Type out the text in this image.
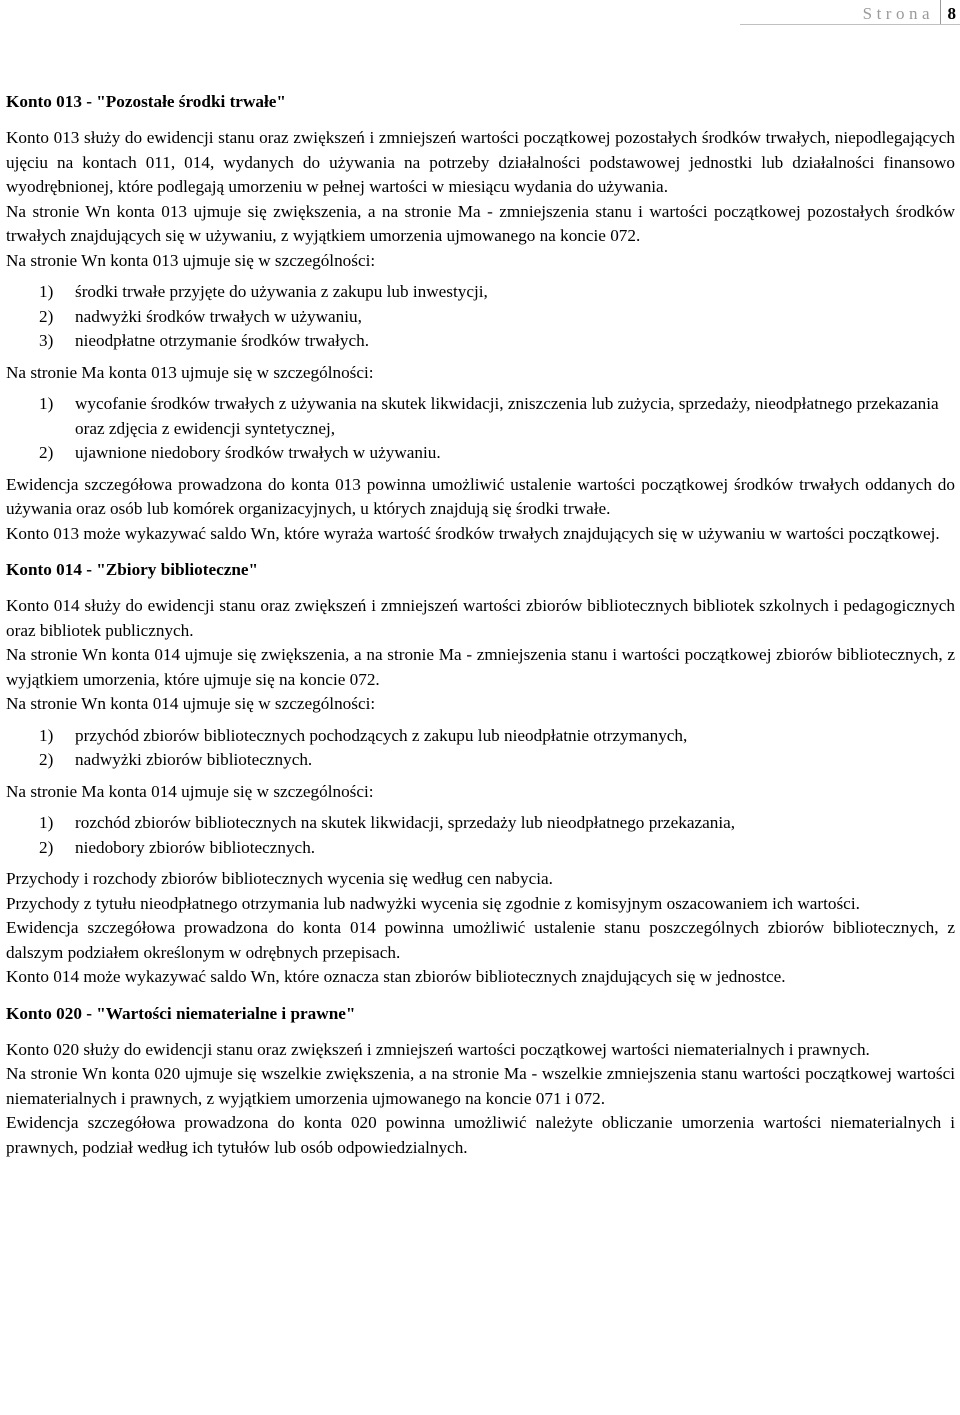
Strona 8
Konto 013 - "Pozostałe środki trwałe"

Konto 013 służy do ewidencji stanu oraz zwiększeń i zmniejszeń wartości początkowej pozostałych środków trwałych, niepodlegających ujęciu na kontach 011, 014, wydanych do używania na potrzeby działalności podstawowej jednostki lub działalności finansowo wyodrębnionej, które podlegają umorzeniu w pełnej wartości w miesiącu wydania do używania.

Na stronie Wn konta 013 ujmuje się zwiększenia, a na stronie Ma - zmniejszenia stanu i wartości początkowej pozostałych środków trwałych znajdujących się w używaniu, z wyjątkiem umorzenia ujmowanego na koncie 072.

Na stronie Wn konta 013 ujmuje się w szczególności:

1) środki trwałe przyjęte do używania z zakupu lub inwestycji,
2) nadwyżki środków trwałych w używaniu,
3) nieodpłatne otrzymanie środków trwałych.

Na stronie Ma konta 013 ujmuje się w szczególności:

1) wycofanie środków trwałych z używania na skutek likwidacji, zniszczenia lub zużycia, sprzedaży, nieodpłatnego przekazania oraz zdjęcia z ewidencji syntetycznej,
2) ujawnione niedobory środków trwałych w używaniu.

Ewidencja szczegółowa prowadzona do konta 013 powinna umożliwić ustalenie wartości początkowej środków trwałych oddanych do używania oraz osób lub komórek organizacyjnych, u których znajdują się środki trwałe.

Konto 013 może wykazywać saldo Wn, które wyraża wartość środków trwałych znajdujących się w używaniu w wartości początkowej.

Konto 014 - "Zbiory biblioteczne"

Konto 014 służy do ewidencji stanu oraz zwiększeń i zmniejszeń wartości zbiorów bibliotecznych bibliotek szkolnych i pedagogicznych oraz bibliotek publicznych.

Na stronie Wn konta 014 ujmuje się zwiększenia, a na stronie Ma - zmniejszenia stanu i wartości początkowej zbiorów bibliotecznych, z wyjątkiem umorzenia, które ujmuje się na koncie 072.

Na stronie Wn konta 014 ujmuje się w szczególności:

1) przychód zbiorów bibliotecznych pochodzących z zakupu lub nieodpłatnie otrzymanych,
2) nadwyżki zbiorów bibliotecznych.

Na stronie Ma konta 014 ujmuje się w szczególności:

1) rozchód zbiorów bibliotecznych na skutek likwidacji, sprzedaży lub nieodpłatnego przekazania,
2) niedobory zbiorów bibliotecznych.

Przychody i rozchody zbiorów bibliotecznych wycenia się według cen nabycia.

Przychody z tytułu nieodpłatnego otrzymania lub nadwyżki wycenia się zgodnie z komisyjnym oszacowaniem ich wartości.

Ewidencja szczegółowa prowadzona do konta 014 powinna umożliwić ustalenie stanu poszczególnych zbiorów bibliotecznych, z dalszym podziałem określonym w odrębnych przepisach.

Konto 014 może wykazywać saldo Wn, które oznacza stan zbiorów bibliotecznych znajdujących się w jednostce.

Konto 020 - "Wartości niematerialne i prawne"

Konto 020 służy do ewidencji stanu oraz zwiększeń i zmniejszeń wartości początkowej wartości niematerialnych i prawnych.

Na stronie Wn konta 020 ujmuje się wszelkie zwiększenia, a na stronie Ma - wszelkie zmniejszenia stanu wartości początkowej wartości niematerialnych i prawnych, z wyjątkiem umorzenia ujmowanego na koncie 071 i 072.

Ewidencja szczegółowa prowadzona do konta 020 powinna umożliwić należyte obliczanie umorzenia wartości niematerialnych i prawnych, podział według ich tytułów lub osób odpowiedzialnych.
